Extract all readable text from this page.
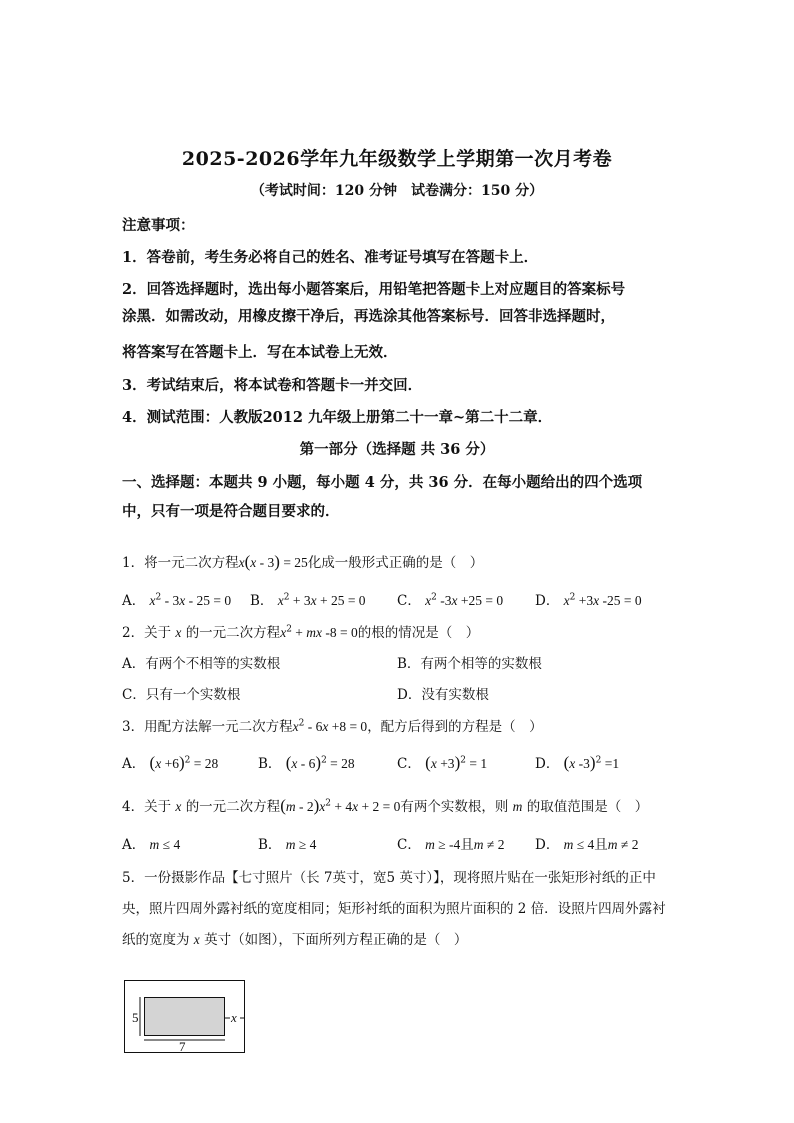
2025-2026学年九年级数学上学期第一次月考卷
（考试时间：120 分钟　试卷满分：150 分）
注意事项：
1．答卷前，考生务必将自己的姓名、准考证号填写在答题卡上．
2．回答选择题时，选出每小题答案后，用铅笔把答题卡上对应题目的答案标号
涂黑．如需改动，用橡皮擦干净后，再选涂其他答案标号．回答非选择题时，
将答案写在答题卡上．写在本试卷上无效．
3．考试结束后，将本试卷和答题卡一并交回．
4．测试范围：人教版2012 九年级上册第二十一章~第二十二章．
第一部分（选择题 共 36 分）
一、选择题：本题共 9 小题，每小题 4 分，共 36 分．在每小题给出的四个选项
中，只有一项是符合题目要求的．
1．将一元二次方程x(x - 3) = 25化成一般形式正确的是（　）
A． $x^2 - 3x - 25 = 0$ B． $x^2 + 3x + 25 = 0$ C． $x^2$ -3x +25 = 0 D． $x^2 +3x$ -25 = 0
2．关于 x 的一元二次方程$x^2$ + mx -8 = 0的根的情况是（　）
A．有两个不相等的实数根	B．有两个相等的实数根
C．只有一个实数根	D．没有实数根
3．用配方法解一元二次方程$x^2 - 6x +8 = 0$，配方后得到的方程是（　）
A． $(x +6)^2 = 28$	B． (x - 6)$^2$ = 28	C． $(x +3)^2 = 1$	D． (x -3)$^2$ =1
4．关于 x 的一元二次方程$(m - 2)x^2 + 4x + 2 = 0$有两个实数根，则 m 的取值范围是（　）
A． m ≤ 4	B． m ≥ 4	C． m ≥ -4且m ≠ 2 D． m ≤ 4且m ≠ 2
5．一份摄影作品【七寸照片（长 7英寸，宽5 英寸）】，现将照片贴在一张矩形衬纸的正中
央，照片四周外露衬纸的宽度相同；矩形衬纸的面积为照片面积的 2 倍．设照片四周外露衬
纸的宽度为 x 英寸（如图），下面所列方程正确的是（　）
5
7
x
